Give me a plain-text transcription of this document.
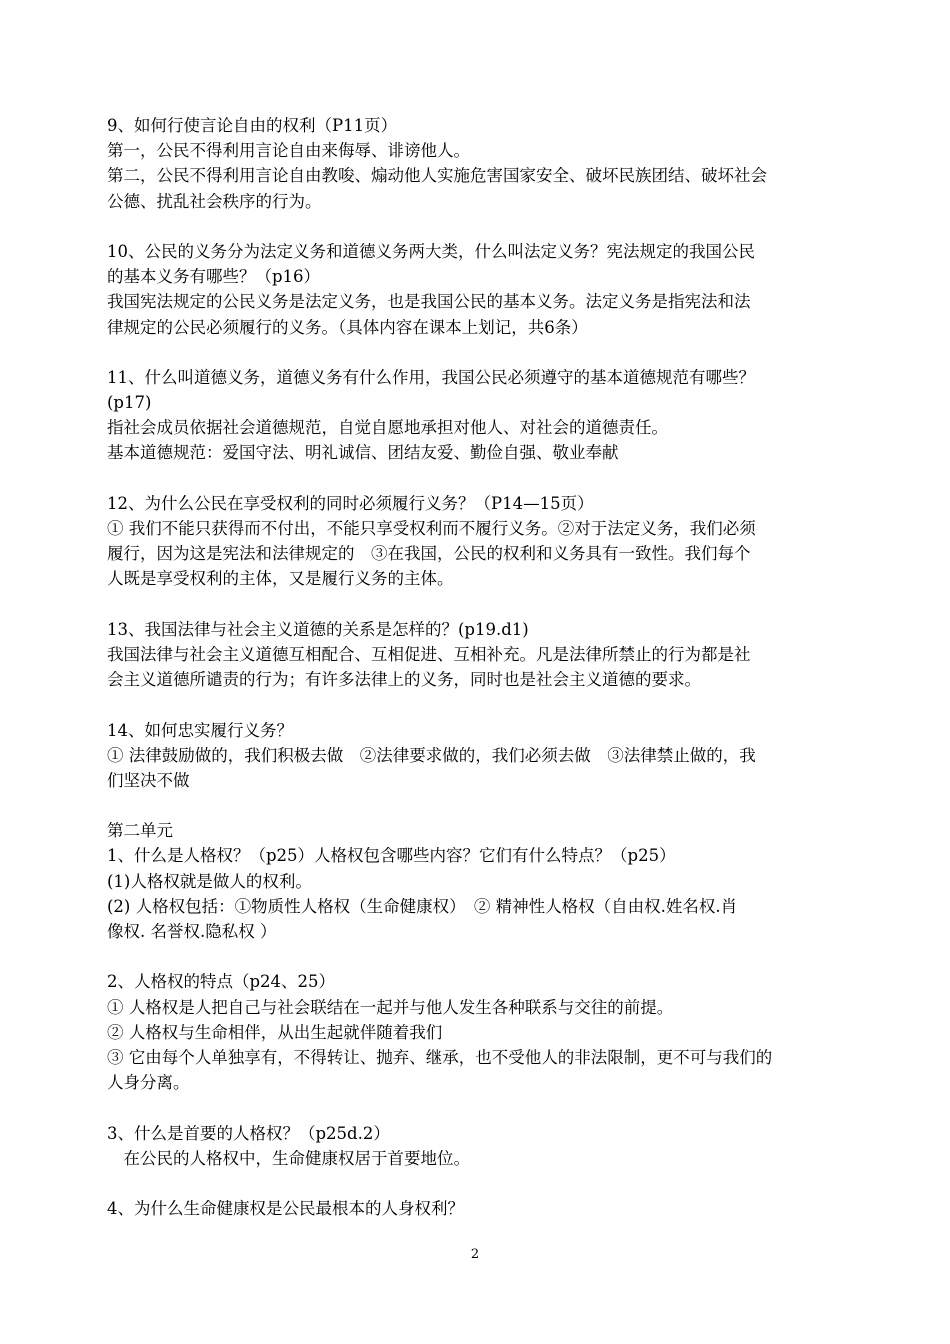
9、如何行使言论自由的权利（P11页）
第一，公民不得利用言论自由来侮辱、诽谤他人。
第二，公民不得利用言论自由教唆、煽动他人实施危害国家安全、破坏民族团结、破坏社会
公德、扰乱社会秩序的行为。
10、公民的义务分为法定义务和道德义务两大类，什么叫法定义务？宪法规定的我国公民
的基本义务有哪些？（p16）
我国宪法规定的公民义务是法定义务，也是我国公民的基本义务。法定义务是指宪法和法
律规定的公民必须履行的义务。（具体内容在课本上划记，共6条）
11、什么叫道德义务，道德义务有什么作用，我国公民必须遵守的基本道德规范有哪些？
(p17)
指社会成员依据社会道德规范，自觉自愿地承担对他人、对社会的道德责任。
基本道德规范：爱国守法、明礼诚信、团结友爱、勤俭自强、敬业奉献
12、为什么公民在享受权利的同时必须履行义务？（P14—15页）
① 我们不能只获得而不付出，不能只享受权利而不履行义务。②对于法定义务，我们必须
履行，因为这是宪法和法律规定的　③在我国，公民的权利和义务具有一致性。我们每个
人既是享受权利的主体，又是履行义务的主体。
13、我国法律与社会主义道德的关系是怎样的？(p19.d1)
我国法律与社会主义道德互相配合、互相促进、互相补充。凡是法律所禁止的行为都是社
会主义道德所谴责的行为；有许多法律上的义务，同时也是社会主义道德的要求。
14、如何忠实履行义务？
① 法律鼓励做的，我们积极去做　②法律要求做的，我们必须去做　③法律禁止做的，我
们坚决不做
第二单元
1、什么是人格权？（p25）人格权包含哪些内容？它们有什么特点？（p25）
(1)人格权就是做人的权利。
(2) 人格权包括：①物质性人格权（生命健康权）　② 精神性人格权（自由权.姓名权.肖
像权. 名誉权.隐私权 ）
2、人格权的特点（p24、25）
① 人格权是人把自己与社会联结在一起并与他人发生各种联系与交往的前提。
② 人格权与生命相伴，从出生起就伴随着我们
③ 它由每个人单独享有，不得转让、抛弃、继承，也不受他人的非法限制，更不可与我们的
人身分离。
3、什么是首要的人格权？（p25d.2）
　在公民的人格权中，生命健康权居于首要地位。
4、为什么生命健康权是公民最根本的人身权利？
2
